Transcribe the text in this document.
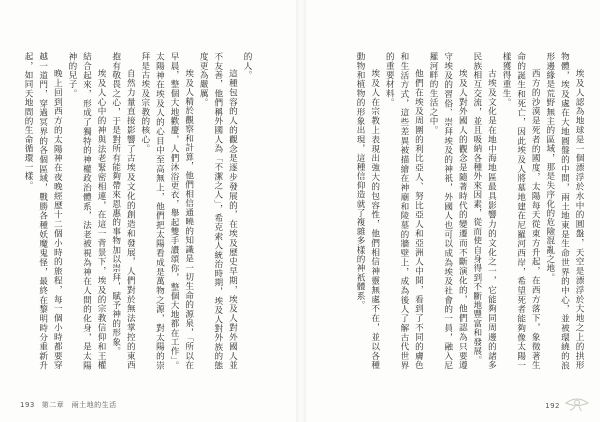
的人。

這種包容的人的觀念是逐步發展的，在埃及歷史早期，埃及人對外國人並不友善，他們稱外國人為「不潔之人」，希克索人統治時期，埃及人對外族的態度更為嚴厲。

埃及人精於觀察和計算，他們相信通曉的知識是一切生命的源泉，「所以在早晨，整個大地歡慶，人們沐浴更衣，舉起雙手讚頌你，整個大地都在工作」。太陽神在埃及人的心目中至高無上，他們把太陽看成是萬物之源，對太陽的崇拜是古埃及宗教的核心。

自然力量直接影響了古埃及文化的創造和發展，人們對於無法掌控的東西抱有敬畏之心，于是對所有能夠帶來恩惠的事物加以崇拜，賦予神的形象。

埃及人心中的神與法老緊密相連，在這一背景下，埃及的宗教信仰和王權結合起來，形成了獨特的神權政治體系，法老被視為神在人間的化身，是太陽神的兒子。

晚上回到西方的太陽神在夜晚經歷十二個小時的旅程，每一個小時都要穿越一道門，穿過冥界的各個區域，戰勝各種妖魔鬼怪，最終在黎明時分重新升起，如同天地間的生命循環一樣。

193 第二章　兩土地的生活

埃及人認為地球是一個漂浮於水中的圓盤，天空是漂浮於大地之上的拱形物體，埃及處在大地圓盤的中間，兩土地東是生命世界的中心，並被環繞的浪形邊緣是荒野無主的區域，那是失序化的危險混亂之地。

西方的沙漠是死者的國度，太陽每天從東方升起，在西方落下，象徵著生命的誕生和死亡，因此埃及人將墓地建在尼羅河西岸，希望死者能夠像太陽一樣獲得重生。

古埃及文化是在地中海地區最具影響力的文化之一，它能夠同周邊的諸多民族相互交流，並且吸納各種外來因素，從而使自身得到不斷地豐富和發展。

埃及人對外國人的觀念是隨著時代的變遷而不斷演化的，他們認為只要遵守埃及的習俗、崇拜埃及的神祇，外國人也可以成為埃及社會的一員，融入尼羅河畔的生活之中。

他們在埃及周圍的利比亞人、努比亞人和亞洲人中間，看到了不同的膚色和生活方式，這些差異被描繪在神廟和陵墓的牆壁上，成為後人了解古代世界的重要材料。

埃及人在宗教上表現出強大的包容性，他們相信神靈無處不在，並以各種動物和植物的形象出現，這種信仰造就了複雜多樣的神祇體系。

192
